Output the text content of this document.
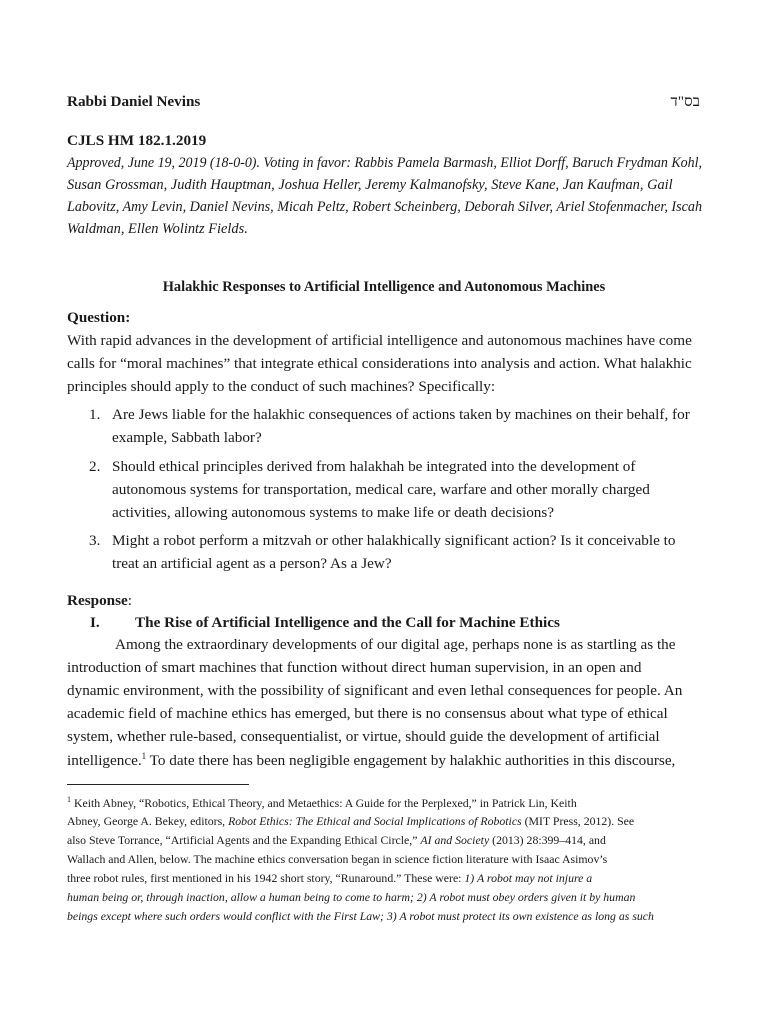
Rabbi Daniel Nevins	בס"ד
CJLS HM 182.1.2019
Approved, June 19, 2019 (18-0-0). Voting in favor: Rabbis Pamela Barmash, Elliot Dorff, Baruch Frydman Kohl,
Susan Grossman, Judith Hauptman, Joshua Heller, Jeremy Kalmanofsky, Steve Kane, Jan Kaufman, Gail
Labovitz, Amy Levin, Daniel Nevins, Micah Peltz, Robert Scheinberg, Deborah Silver, Ariel Stofenmacher, Iscah
Waldman, Ellen Wolintz Fields.
Halakhic Responses to Artificial Intelligence and Autonomous Machines
Question:
With rapid advances in the development of artificial intelligence and autonomous machines have come
calls for “moral machines” that integrate ethical considerations into analysis and action. What halakhic
principles should apply to the conduct of such machines? Specifically:
1. Are Jews liable for the halakhic consequences of actions taken by machines on their behalf, for
example, Sabbath labor?
2. Should ethical principles derived from halakhah be integrated into the development of
autonomous systems for transportation, medical care, warfare and other morally charged
activities, allowing autonomous systems to make life or death decisions?
3. Might a robot perform a mitzvah or other halakhically significant action? Is it conceivable to
treat an artificial agent as a person? As a Jew?
Response:
I. The Rise of Artificial Intelligence and the Call for Machine Ethics
Among the extraordinary developments of our digital age, perhaps none is as startling as the
introduction of smart machines that function without direct human supervision, in an open and
dynamic environment, with the possibility of significant and even lethal consequences for people. An
academic field of machine ethics has emerged, but there is no consensus about what type of ethical
system, whether rule-based, consequentialist, or virtue, should guide the development of artificial
intelligence.$^1$ To date there has been negligible engagement by halakhic authorities in this discourse,
$^1$ Keith Abney, “Robotics, Ethical Theory, and Metaethics: A Guide for the Perplexed,” in Patrick Lin, Keith
Abney, George A. Bekey, editors, Robot Ethics: The Ethical and Social Implications of Robotics (MIT Press, 2012). See
also Steve Torrance, “Artificial Agents and the Expanding Ethical Circle,” AI and Society (2013) 28:399–414, and
Wallach and Allen, below. The machine ethics conversation began in science fiction literature with Isaac Asimov’s
three robot rules, first mentioned in his 1942 short story, “Runaround.” These were: 1) A robot may not injure a
human being or, through inaction, allow a human being to come to harm; 2) A robot must obey orders given it by human
beings except where such orders would conflict with the First Law; 3) A robot must protect its own existence as long as such
